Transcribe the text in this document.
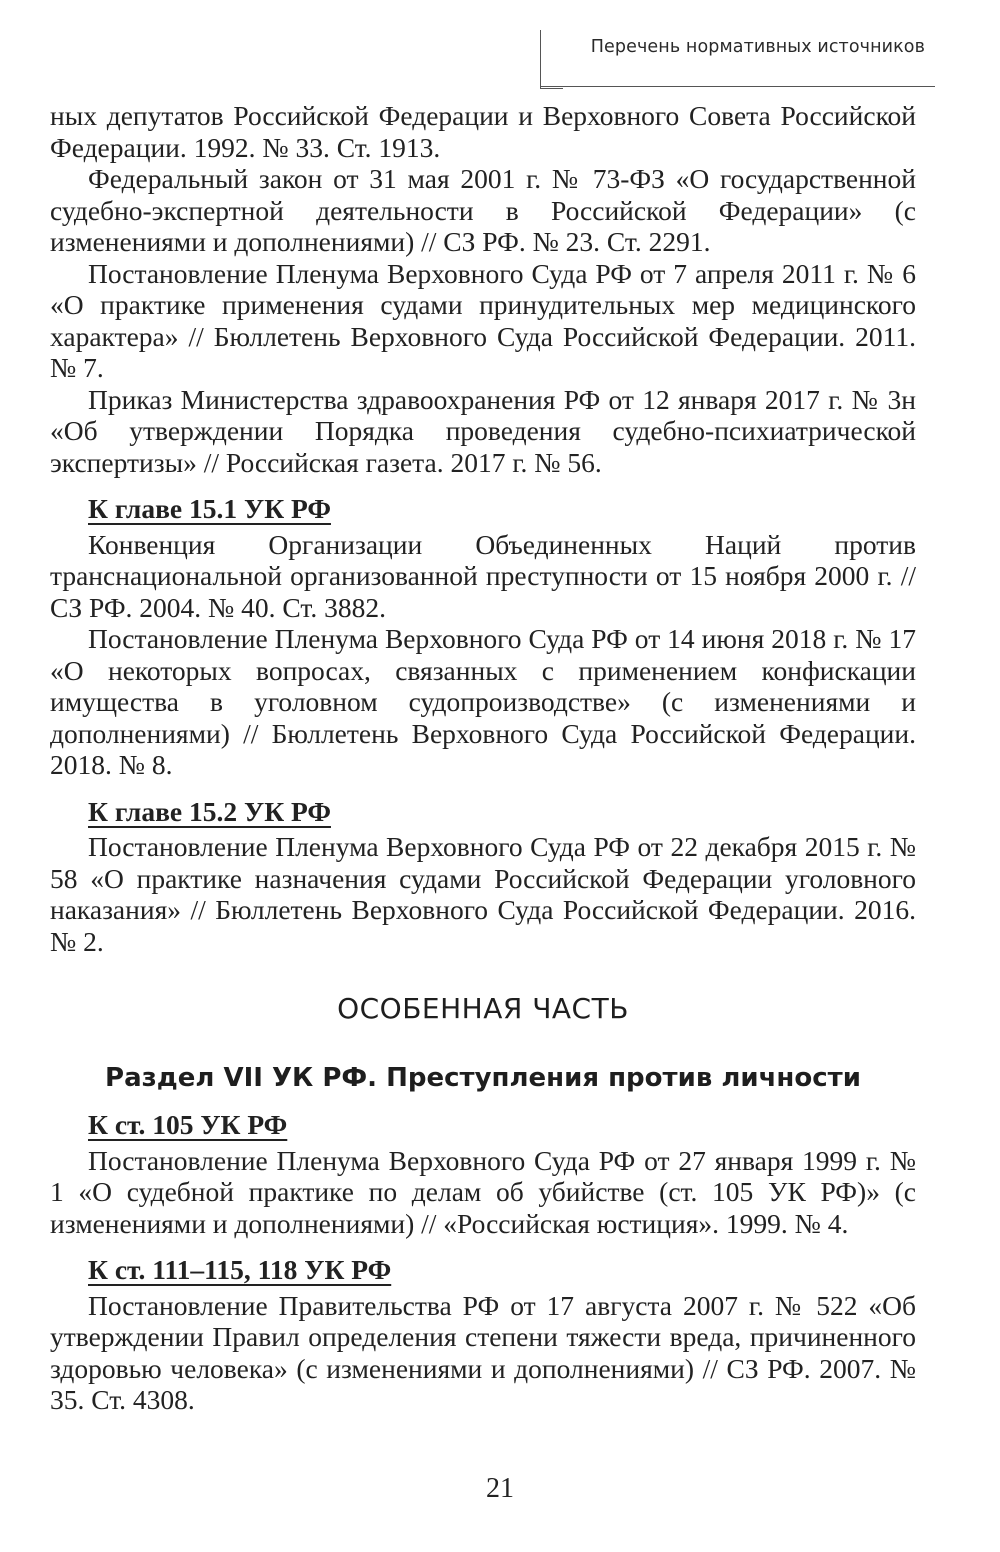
Перечень нормативных источников

ных депутатов Российской Федерации и Верховного Совета Российской Федерации. 1992. № 33. Ст. 1913.

Федеральный закон от 31 мая 2001 г. № 73-ФЗ «О государственной судебно-экспертной деятельности в Российской Федерации» (с изменениями и дополнениями) // СЗ РФ. № 23. Ст. 2291.

Постановление Пленума Верховного Суда РФ от 7 апреля 2011 г. № 6 «О практике применения судами принудительных мер медицинского характера» // Бюллетень Верховного Суда Российской Федерации. 2011. № 7.

Приказ Министерства здравоохранения РФ от 12 января 2017 г. № 3н «Об утверждении Порядка проведения судебно-психиатрической экспертизы» // Российская газета. 2017 г. № 56.

К главе 15.1 УК РФ

Конвенция Организации Объединенных Наций против транснациональной организованной преступности от 15 ноября 2000 г. // СЗ РФ. 2004. № 40. Ст. 3882.

Постановление Пленума Верховного Суда РФ от 14 июня 2018 г. № 17 «О некоторых вопросах, связанных с применением конфискации имущества в уголовном судопроизводстве» (с изменениями и дополнениями) // Бюллетень Верховного Суда Российской Федерации. 2018. № 8.

К главе 15.2 УК РФ

Постановление Пленума Верховного Суда РФ от 22 декабря 2015 г. № 58 «О практике назначения судами Российской Федерации уголовного наказания» // Бюллетень Верховного Суда Российской Федерации. 2016. № 2.

ОСОБЕННАЯ ЧАСТЬ
Раздел VII УК РФ. Преступления против личности
К ст. 105 УК РФ

Постановление Пленума Верховного Суда РФ от 27 января 1999 г. № 1 «О судебной практике по делам об убийстве (ст. 105 УК РФ)» (с изменениями и дополнениями) // «Российская юстиция». 1999. № 4.

К ст. 111–115, 118 УК РФ

Постановление Правительства РФ от 17 августа 2007 г. № 522 «Об утверждении Правил определения степени тяжести вреда, причиненного здоровью человека» (с изменениями и дополнениями) // СЗ РФ. 2007. № 35. Ст. 4308.

21
